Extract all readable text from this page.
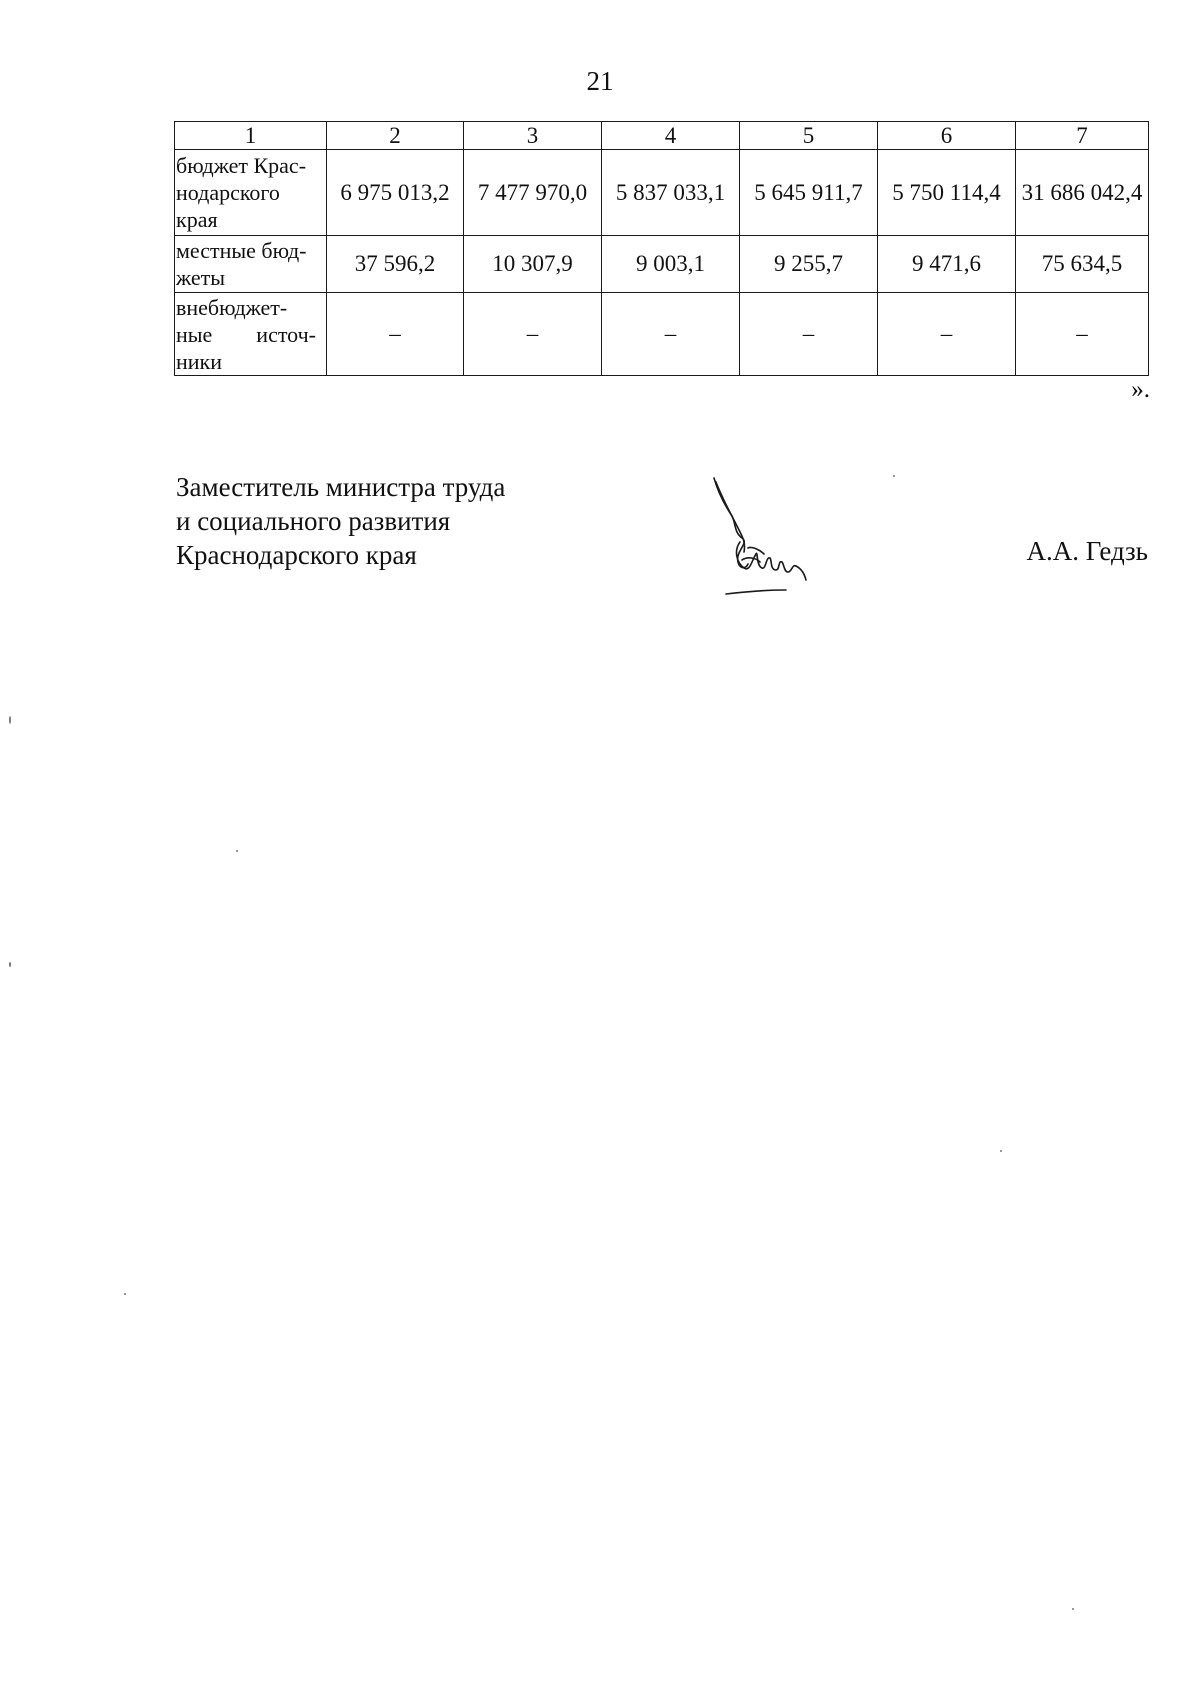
21
1	2	3	4	5	6	7

бюджет Крас-
нодарского
края	6 975 013,2	7 477 970,0	5 837 033,1	5 645 911,7	5 750 114,4	31 686 042,4

местные бюд-
жеты	37 596,2	10 307,9	9 003,1	9 255,7	9 471,6	75 634,5

внебюджет-
ные источ-
ники	–	–	–	–	–	–
».
Заместитель министра труда
и социального развития
Краснодарского края	А.А. Гедзь
